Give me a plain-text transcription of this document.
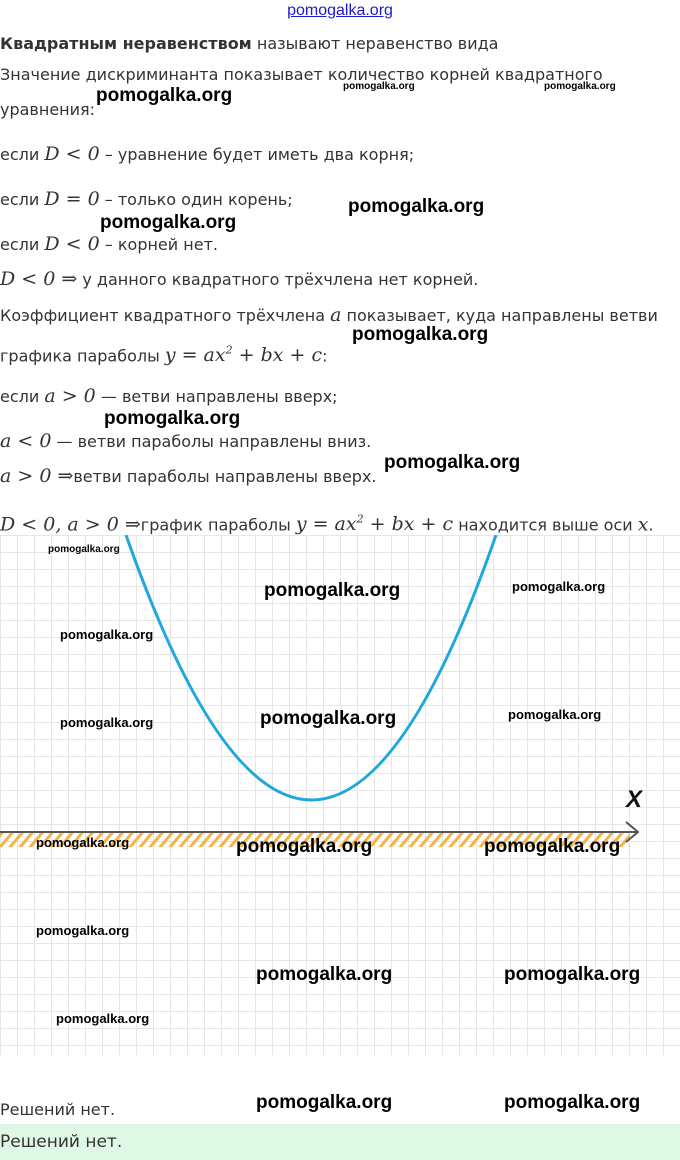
pomogalka.org
Квадратным неравенством называют неравенство вида
Значение дискриминанта показывает количество корней квадратного
уравнения:
если D < 0 – уравнение будет иметь два корня;
если D = 0 – только один корень;
если D < 0 – корней нет.
D < 0 ⇒ у данного квадратного трёхчлена нет корней.
Коэффициент квадратного трёхчлена a показывает, куда направлены ветви
графика параболы $y = ax^2$ + bx + c:
если a > 0 — ветви направлены вверх;
a < 0 — ветви параболы направлены вниз.
a > 0 ⇒ветви параболы направлены вверх.
D < 0, a > 0 ⇒график параболы $y = ax^2$ + bx + c находится выше оси x.
X
Решений нет.
Решений нет.
pomogalka.org	pomogalka.org	pomogalka.org
pomogalka.org
pomogalka.org
pomogalka.org
pomogalka.org
pomogalka.org
pomogalka.org
pomogalka.org	pomogalka.org
pomogalka.org
pomogalka.org
pomogalka.org
pomogalka.org
pomogalka.org	pomogalka.org	pomogalka.org
pomogalka.org
pomogalka.org	pomogalka.org
pomogalka.org
pomogalka.org	pomogalka.org
